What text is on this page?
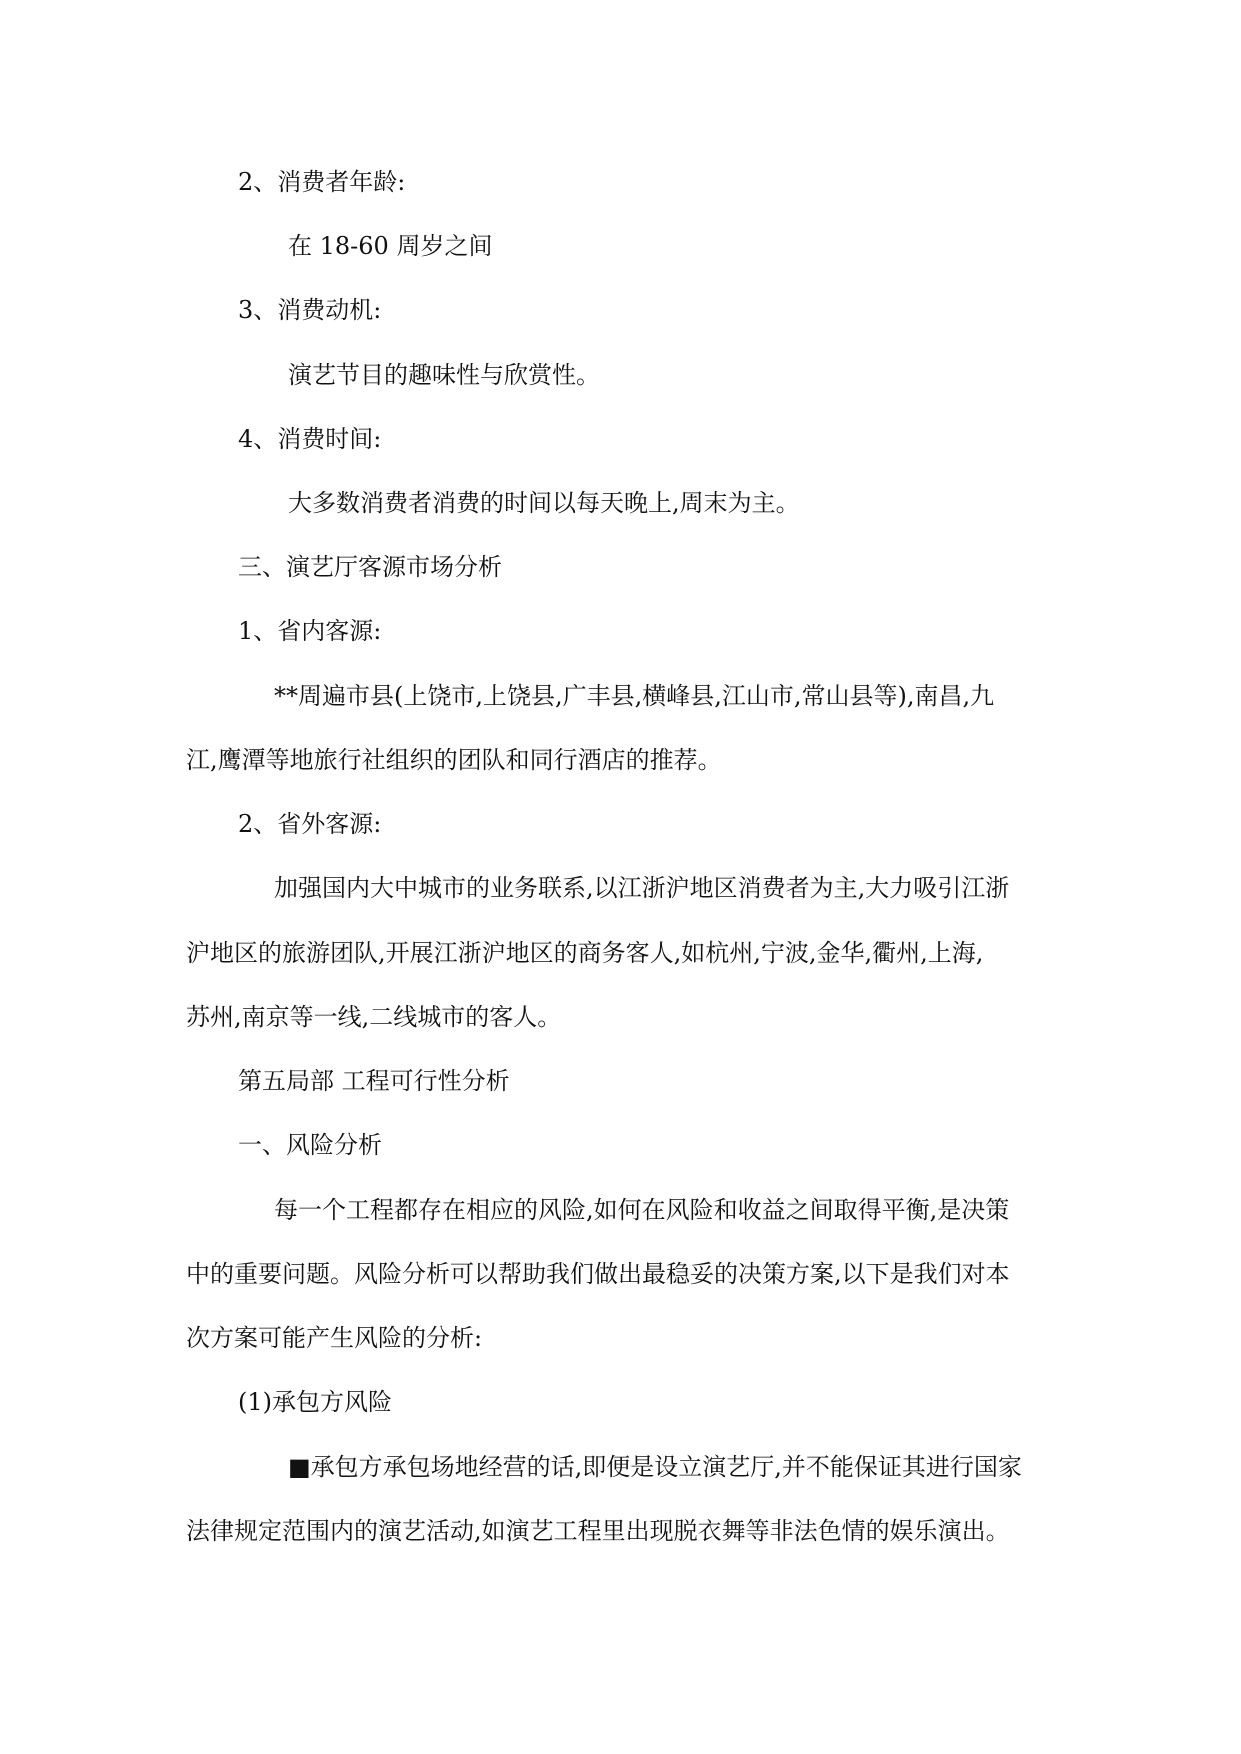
2、消费者年龄:
在 18-60 周岁之间
3、消费动机:
演艺节目的趣味性与欣赏性。
4、消费时间:
大多数消费者消费的时间以每天晚上,周末为主。
三、演艺厅客源市场分析
1、省内客源:
**周遍市县(上饶市,上饶县,广丰县,横峰县,江山市,常山县等),南昌,九
江,鹰潭等地旅行社组织的团队和同行酒店的推荐。
2、省外客源:
加强国内大中城市的业务联系,以江浙沪地区消费者为主,大力吸引江浙
沪地区的旅游团队,开展江浙沪地区的商务客人,如杭州,宁波,金华,衢州,上海,
苏州,南京等一线,二线城市的客人。
第五局部 工程可行性分析
一、风险分析
每一个工程都存在相应的风险,如何在风险和收益之间取得平衡,是决策
中的重要问题。风险分析可以帮助我们做出最稳妥的决策方案,以下是我们对本
次方案可能产生风险的分析:
(1)承包方风险
■承包方承包场地经营的话,即便是设立演艺厅,并不能保证其进行国家
法律规定范围内的演艺活动,如演艺工程里出现脱衣舞等非法色情的娱乐演出。
